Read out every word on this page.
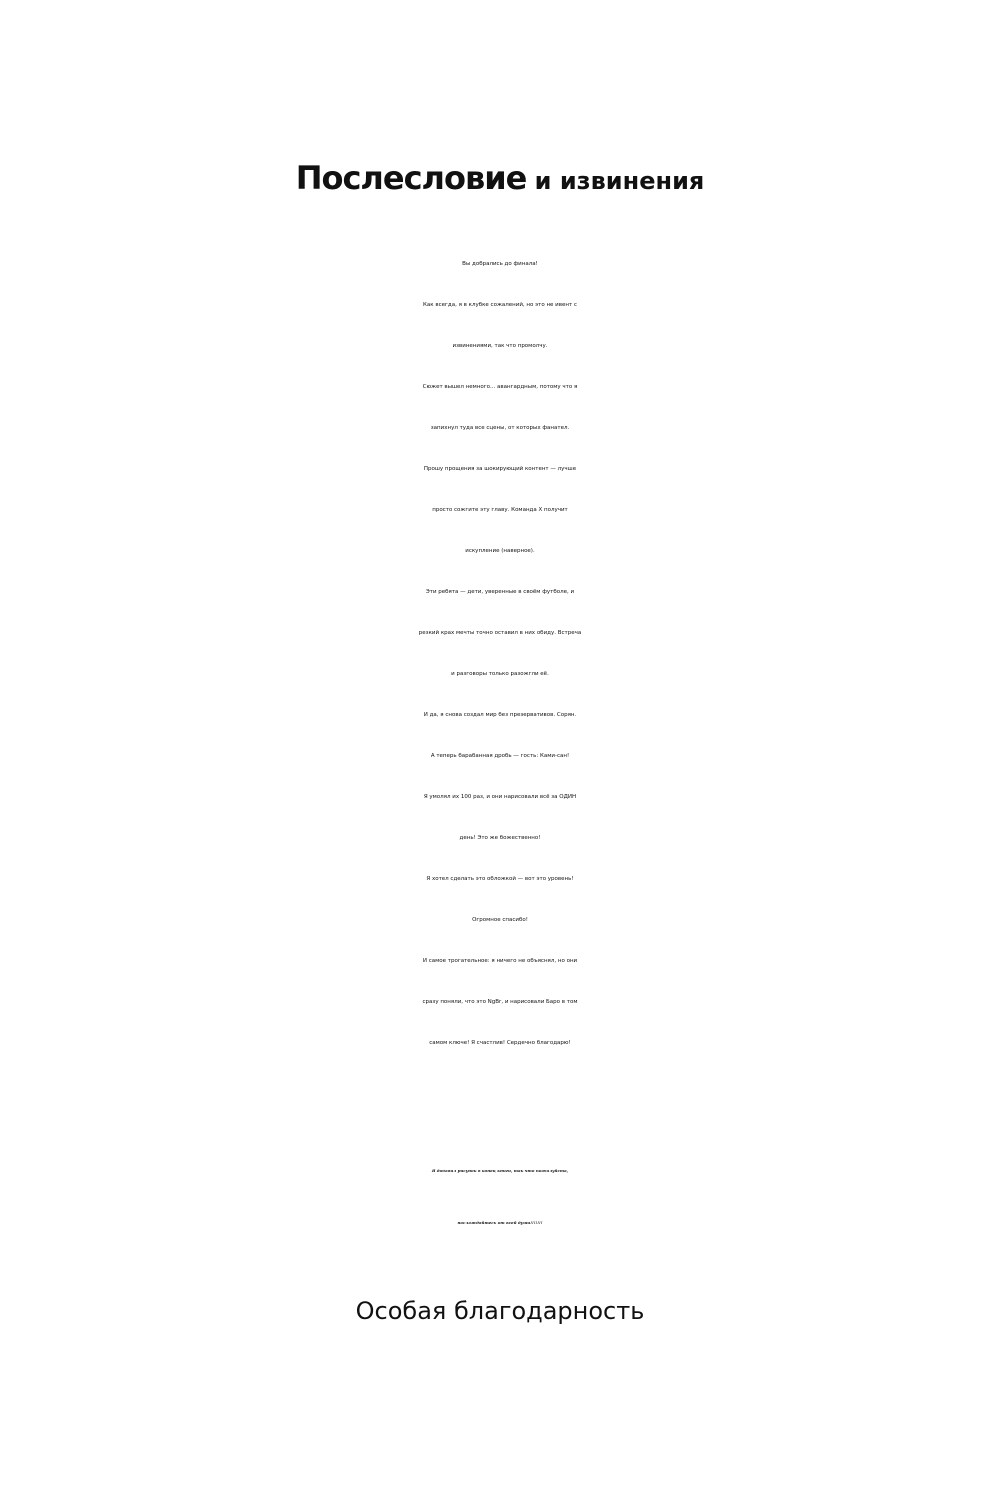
Послесловие и извинения
Вы добрались до финала!
Как всегда, я в клубке сожалений, но это не ивент с
извинениями, так что промолчу.
Сюжет вышел немного... авангардным, потому что я
запихнул туда все сцены, от которых фанател.
Прошу прощения за шокирующий контент — лучше
просто сожгите эту главу. Команда X получит
искупление (наверное).
Эти ребята — дети, уверенные в своём футболе, и
резкий крах мечты точно оставил в них обиду. Встреча
и разговоры только разожгли её.
И да, я снова создал мир без презервативов. Сорян.
А теперь барабанная дробь — гость: Ками-сан!
Я умолял их 100 раз, и они нарисовали всё за ОДИН
день! Это же божественно!
Я хотел сделать это обложкой — вот это уровень!
Огромное спасибо!
И самое трогательное: я ничего не объяснял, но они
сразу поняли, что это NgBr, и нарисовали Баро в том
самом ключе! Я счастлив! Сердечно благодарю!
Я добавил рисунок в конец книги, так что пожалуйста,
наслаждайтесь от всей души!!!!!!!
Особая благодарность
